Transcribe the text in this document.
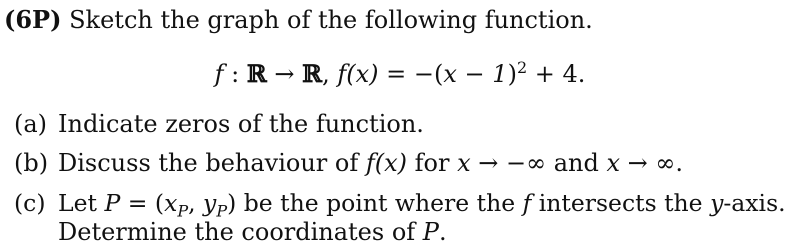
(6P) Sketch the graph of the following function.
f : ℝ → ℝ, $f(x) = -(x - 1)^2 + 4$.
(a) Indicate zeros of the function.
(b) Discuss the behaviour of f(x) for x → −∞ and x → ∞.
(c) Let $P = (x_P$, $y_P$) be the point where the f intersects the y-axis.
Determine the coordinates of P.
